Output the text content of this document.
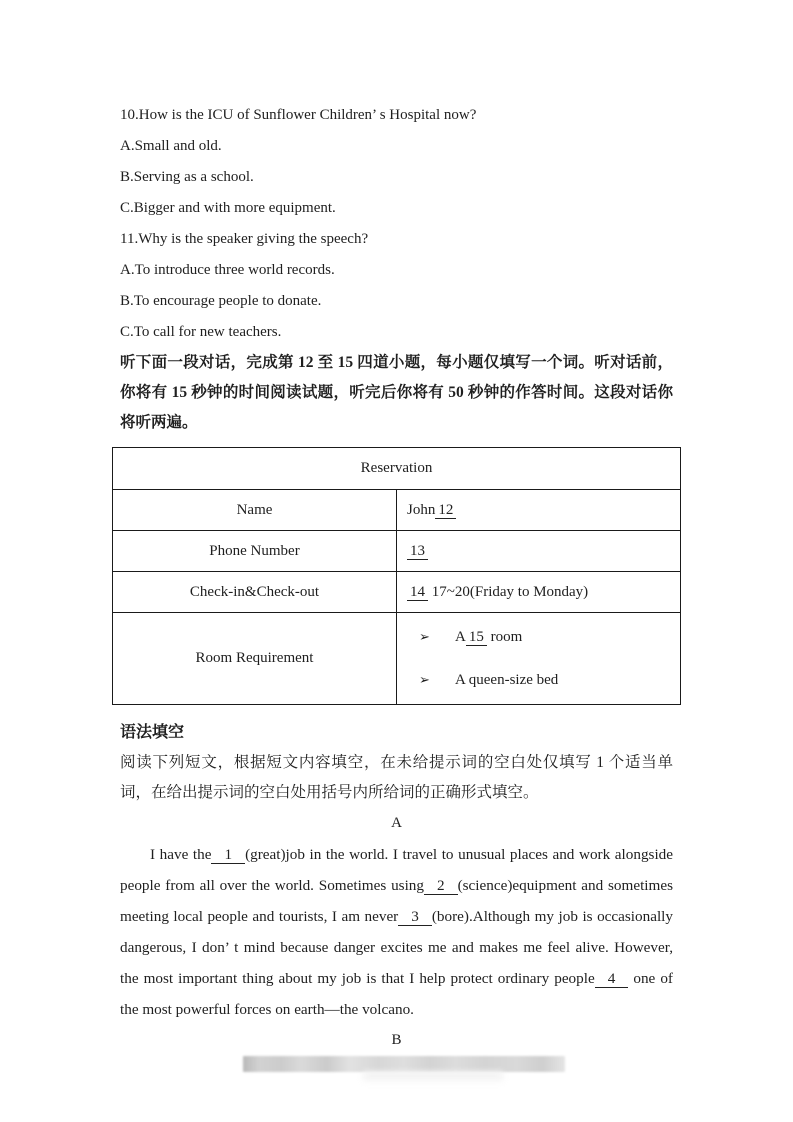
10.How is the ICU of Sunflower Children’ s Hospital now?

A.Small and old.

B.Serving as a school.

C.Bigger and with more equipment.

11.Why is the speaker giving the speech?

A.To introduce three world records.

B.To encourage people to donate.

C.To call for new teachers.

听下面一段对话，完成第 12 至 15 四道小题，每小题仅填写一个词。听对话前，你将有 15 秒钟的时间阅读试题，听完后你将有 50 秒钟的作答时间。这段对话你将听两遍。

Reservation	
Name	John 12
Phone Number	13
Check-in&Check-out	14 17~20(Friday to Monday)
Room Requirement	➢ A 15 room
➢ A queen-size bed

语法填空

阅读下列短文，根据短文内容填空，在未给提示词的空白处仅填写 1 个适当单词，在给出提示词的空白处用括号内所给词的正确形式填空。

A

I have the 1 (great)job in the world. I travel to unusual places and work alongside people from all over the world. Sometimes using 2 (science)equipment and sometimes meeting local people and tourists, I am never 3 (bore).Although my job is occasionally dangerous, I don’ t mind because danger excites me and makes me feel alive. However, the most important thing about my job is that I help protect ordinary people 4 one of the most powerful forces on earth—the volcano.

B
